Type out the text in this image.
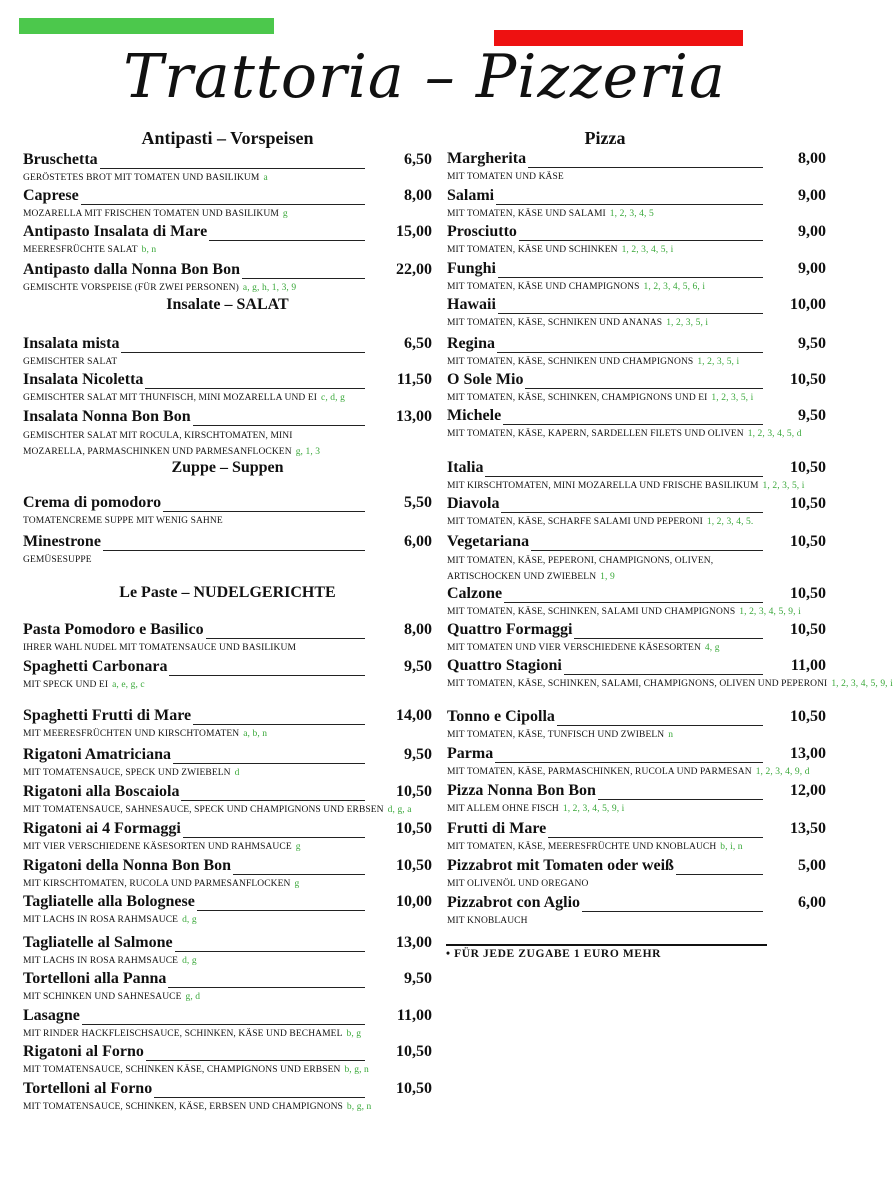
Trattoria – Pizzeria
Antipasti – Vorspeisen
Bruschetta	6,50
GERÖSTETES BROT MIT TOMATEN UND BASILIKUM a
Caprese	8,00
MOZARELLA MIT FRISCHEN TOMATEN UND BASILIKUM g
Antipasto Insalata di Mare	15,00
MEERESFRÜCHTE SALAT b, n
Antipasto dalla Nonna Bon Bon	22,00
GEMISCHTE VORSPEISE (FÜR ZWEI PERSONEN) a, g, h, 1, 3, 9
Insalate – SALAT
Insalata mista	6,50
GEMISCHTER SALAT
Insalata Nicoletta	11,50
GEMISCHTER SALAT MIT THUNFISCH, MINI MOZARELLA UND EI c, d, g
Insalata Nonna Bon Bon	13,00
GEMISCHTER SALAT MIT ROCULA, KIRSCHTOMATEN, MINI MOZARELLA, PARMASCHINKEN UND PARMESANFLOCKEN g, 1, 3
Zuppe – Suppen
Crema di pomodoro	5,50
TOMATENCREME SUPPE MIT WENIG SAHNE
Minestrone	6,00
GEMÜSESUPPE
Le Paste – NUDELGERICHTE
Pasta Pomodoro e Basilico	8,00
IHRER WAHL NUDEL MIT TOMATENSAUCE UND BASILIKUM
Spaghetti Carbonara	9,50
MIT SPECK UND EI a, e, g, c
Spaghetti Frutti di Mare	14,00
MIT MEERESFRÜCHTEN UND KIRSCHTOMATEN a, b, n
Rigatoni Amatriciana	9,50
MIT TOMATENSAUCE, SPECK UND ZWIEBELN d
Rigatoni alla Boscaiola	10,50
MIT TOMATENSAUCE, SAHNESAUCE, SPECK UND CHAMPIGNONS UND ERBSEN d, g, a
Rigatoni ai 4 Formaggi	10,50
MIT VIER VERSCHIEDENE KÄSESORTEN UND RAHMSAUCE g
Rigatoni della Nonna Bon Bon	10,50
MIT KIRSCHTOMATEN, RUCOLA UND PARMESANFLOCKEN g
Tagliatelle alla Bolognese	10,00
MIT LACHS IN ROSA RAHMSAUCE d, g
Tagliatelle al Salmone	13,00
MIT LACHS IN ROSA RAHMSAUCE d, g
Tortelloni alla Panna	9,50
MIT SCHINKEN UND SAHNESAUCE g, d
Lasagne	11,00
MIT RINDER HACKFLEISCHSAUCE, SCHINKEN, KÄSE UND BECHAMEL b, g
Rigatoni al Forno	10,50
MIT TOMATENSAUCE, SCHINKEN KÄSE, CHAMPIGNONS UND ERBSEN b, g, n
Tortelloni al Forno	10,50
MIT TOMATENSAUCE, SCHINKEN, KÄSE, ERBSEN UND CHAMPIGNONS b, g, n
Pizza
Margherita	8,00
MIT TOMATEN UND KÄSE
Salami	9,00
MIT TOMATEN, KÄSE UND SALAMI 1, 2, 3, 4, 5
Prosciutto	9,00
MIT TOMATEN, KÄSE UND SCHINKEN 1, 2, 3, 4, 5, i
Funghi	9,00
MIT TOMATEN, KÄSE UND CHAMPIGNONS 1, 2, 3, 4, 5, 6, i
Hawaii	10,00
MIT TOMATEN, KÄSE, SCHNIKEN UND ANANAS 1, 2, 3, 5, i
Regina	9,50
MIT TOMATEN, KÄSE, SCHNIKEN UND CHAMPIGNONS 1, 2, 3, 5, i
O Sole Mio	10,50
MIT TOMATEN, KÄSE, SCHINKEN, CHAMPIGNONS UND EI 1, 2, 3, 5, i
Michele	9,50
MIT TOMATEN, KÄSE, KAPERN, SARDELLEN FILETS UND OLIVEN 1, 2, 3, 4, 5, d
Italia	10,50
MIT KIRSCHTOMATEN, MINI MOZARELLA UND FRISCHE BASILIKUM 1, 2, 3, 5, i
Diavola	10,50
MIT TOMATEN, KÄSE, SCHARFE SALAMI UND PEPERONI 1, 2, 3, 4, 5.
Vegetariana	10,50
MIT TOMATEN, KÄSE, PEPERONI, CHAMPIGNONS, OLIVEN, ARTISCHOCKEN UND ZWIEBELN 1, 9
Calzone	10,50
MIT TOMATEN, KÄSE, SCHINKEN, SALAMI UND CHAMPIGNONS 1, 2, 3, 4, 5, 9, i
Quattro Formaggi	10,50
MIT TOMATEN UND VIER VERSCHIEDENE KÄSESORTEN 4, g
Quattro Stagioni	11,00
MIT TOMATEN, KÄSE, SCHINKEN, SALAMI, CHAMPIGNONS, OLIVEN UND PEPERONI 1, 2, 3, 4, 5, 9, i
Tonno e Cipolla	10,50
MIT TOMATEN, KÄSE, TUNFISCH UND ZWIBELN n
Parma	13,00
MIT TOMATEN, KÄSE, PARMASCHINKEN, RUCOLA UND PARMESAN 1, 2, 3, 4, 9, d
Pizza Nonna Bon Bon	12,00
MIT ALLEM OHNE FISCH 1, 2, 3, 4, 5, 9, i
Frutti di Mare	13,50
MIT TOMATEN, KÄSE, MEERESFRÜCHTE UND KNOBLAUCH b, i, n
Pizzabrot mit Tomaten oder weiß	5,00
MIT OLIVENÖL UND OREGANO
Pizzabrot con Aglio	6,00
MIT KNOBLAUCH
• FÜR JEDE ZUGABE 1 EURO MEHR
